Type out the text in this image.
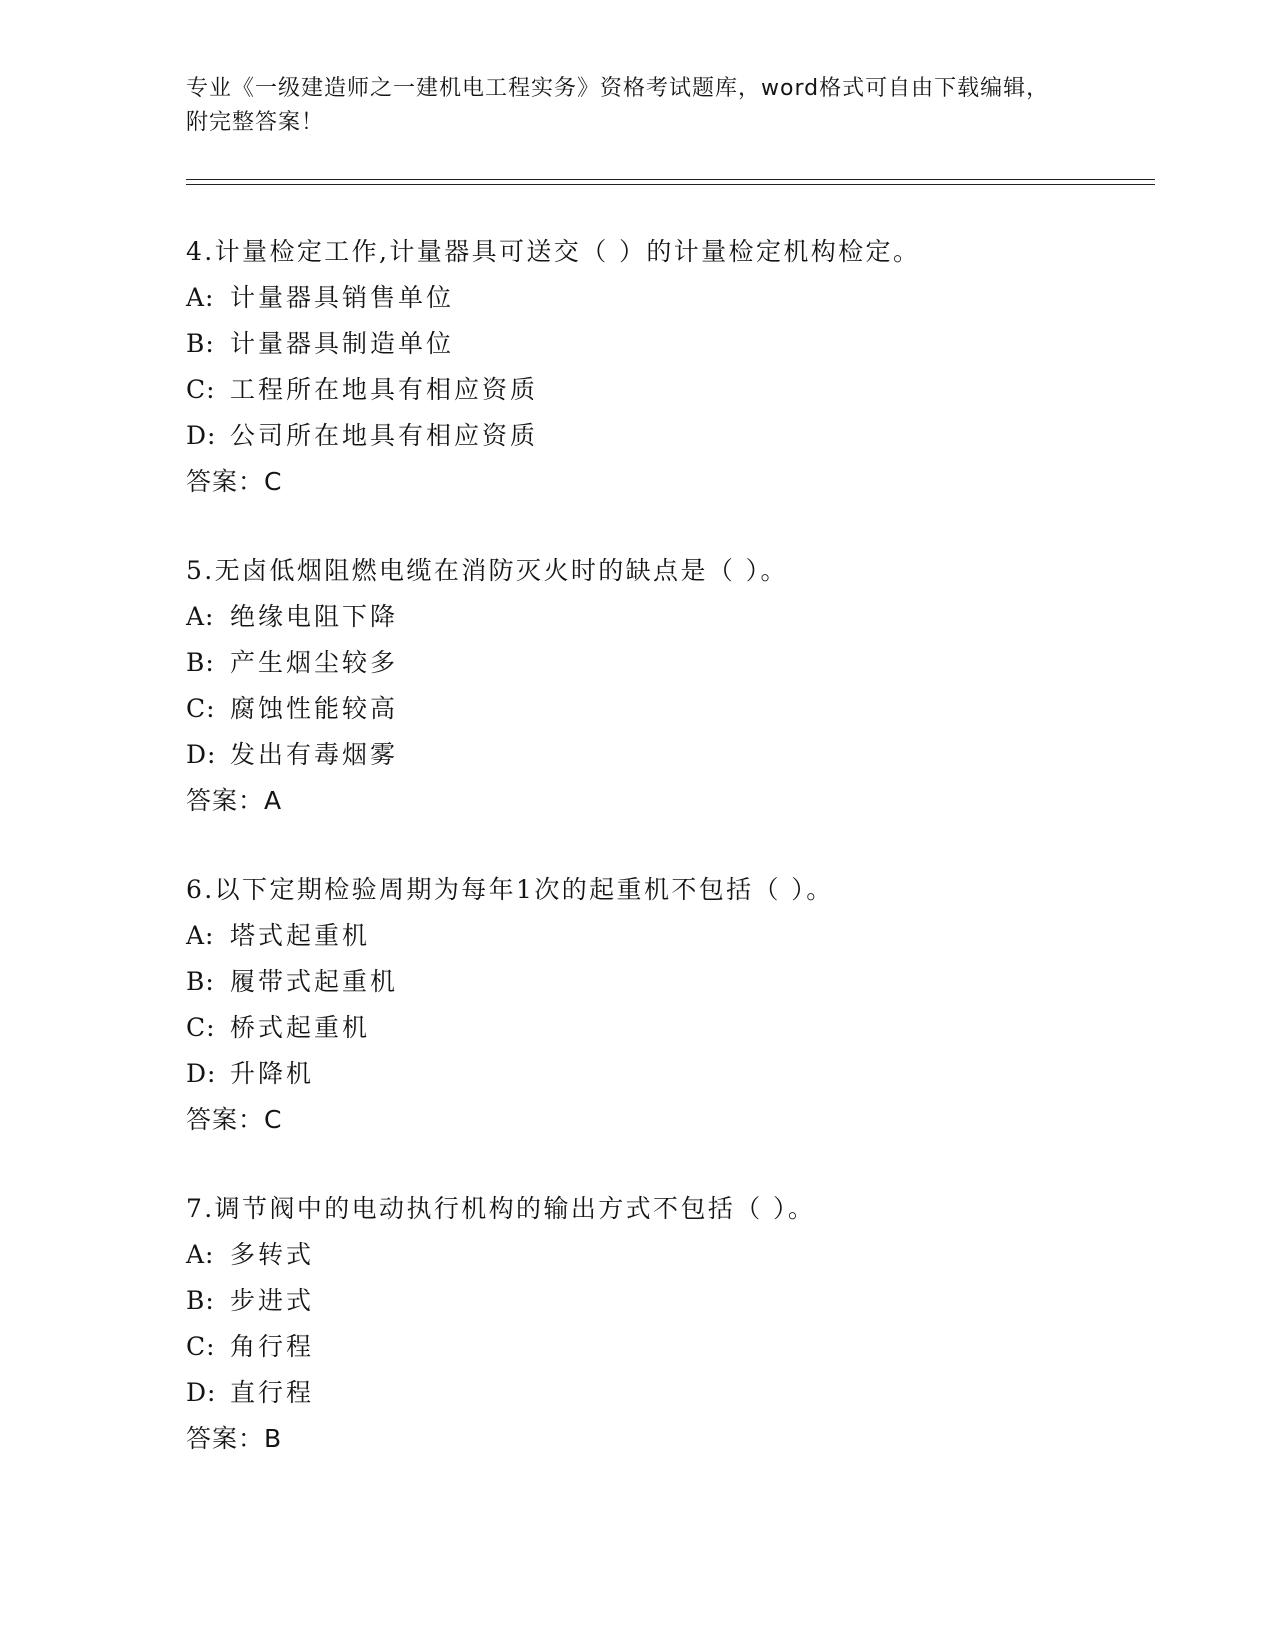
专业《一级建造师之一建机电工程实务》资格考试题库，word格式可自由下载编辑，附完整答案！
4.计量检定工作,计量器具可送交（ ）的计量检定机构检定。
A: 计量器具销售单位
B: 计量器具制造单位
C: 工程所在地具有相应资质
D: 公司所在地具有相应资质
答案：C
5.无卤低烟阻燃电缆在消防灭火时的缺点是（ ）。
A: 绝缘电阻下降
B: 产生烟尘较多
C: 腐蚀性能较高
D: 发出有毒烟雾
答案：A
6.以下定期检验周期为每年1次的起重机不包括（ ）。
A: 塔式起重机
B: 履带式起重机
C: 桥式起重机
D: 升降机
答案：C
7.调节阀中的电动执行机构的输出方式不包括（ ）。
A: 多转式
B: 步进式
C: 角行程
D: 直行程
答案：B
